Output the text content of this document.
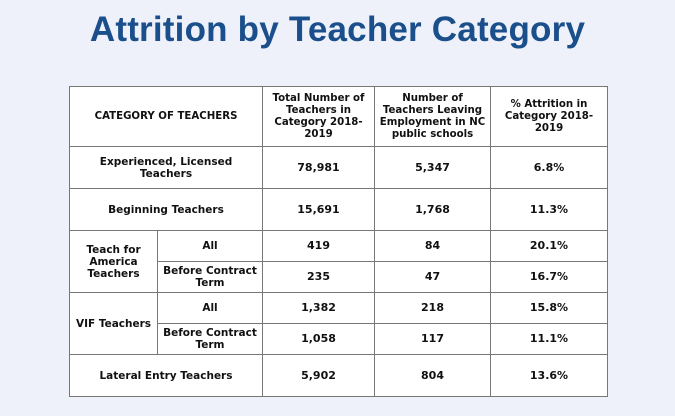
Attrition by Teacher Category
CATEGORY OF TEACHERS		Total Number of Teachers in Category 2018-2019	Number of Teachers Leaving Employment in NC public schools	% Attrition in Category 2018-2019
Experienced, Licensed Teachers		78,981	5,347	6.8%
Beginning Teachers		15,691	1,768	11.3%
Teach for America Teachers	All	419	84	20.1%
	Before Contract Term	235	47	16.7%
VIF Teachers	All	1,382	218	15.8%
	Before Contract Term	1,058	117	11.1%
Lateral Entry Teachers		5,902	804	13.6%
